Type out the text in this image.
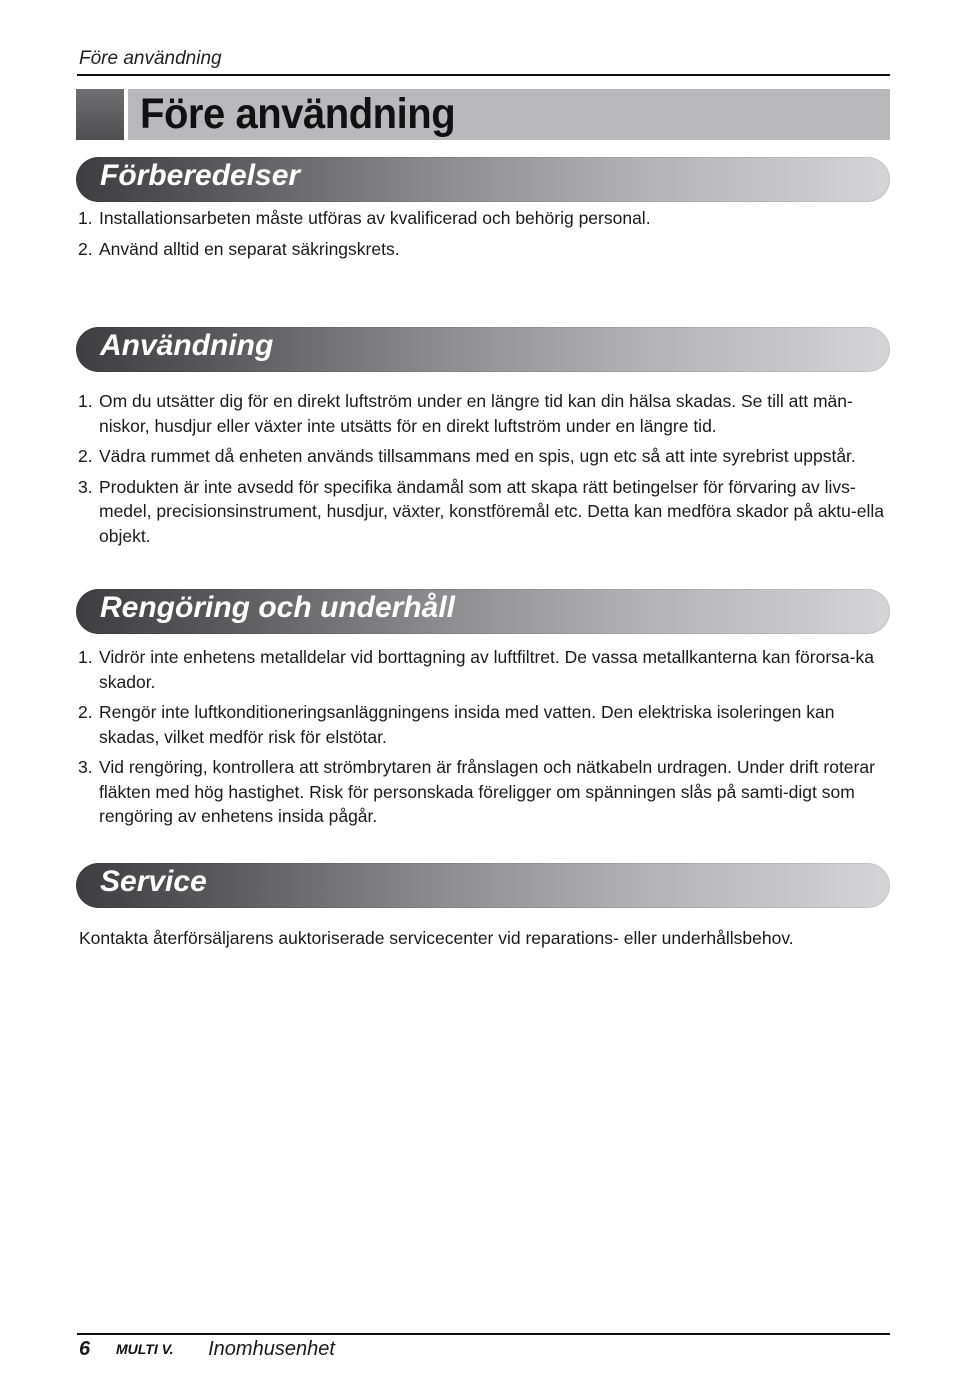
Före användning
Före användning
Förberedelser
1. Installationsarbeten måste utföras av kvalificerad och behörig personal.
2. Använd alltid en separat säkringskrets.
Användning
1. Om du utsätter dig för en direkt luftström under en längre tid kan din hälsa skadas. Se till att män-niskor, husdjur eller växter inte utsätts för en direkt luftström under en längre tid.
2. Vädra rummet då enheten används tillsammans med en spis, ugn etc så att inte syrebrist uppstår.
3. Produkten är inte avsedd för specifika ändamål som att skapa rätt betingelser för förvaring av livs-medel, precisionsinstrument, husdjur, växter, konstföremål etc. Detta kan medföra skador på aktu-ella objekt.
Rengöring och underhåll
1. Vidrör inte enhetens metalldelar vid borttagning av luftfiltret. De vassa metallkanterna kan förorsa-ka skador.
2. Rengör inte luftkonditioneringsanläggningens insida med vatten. Den elektriska isoleringen kan skadas, vilket medför risk för elstötar.
3. Vid rengöring, kontrollera att strömbrytaren är frånslagen och nätkabeln urdragen. Under drift roterar fläkten med hög hastighet. Risk för personskada föreligger om spänningen slås på samti-digt som rengöring av enhetens insida pågår.
Service

Kontakta återförsäljarens auktoriserade servicecenter vid reparations- eller underhållsbehov.

6 MULTI V. Inomhusenhet
